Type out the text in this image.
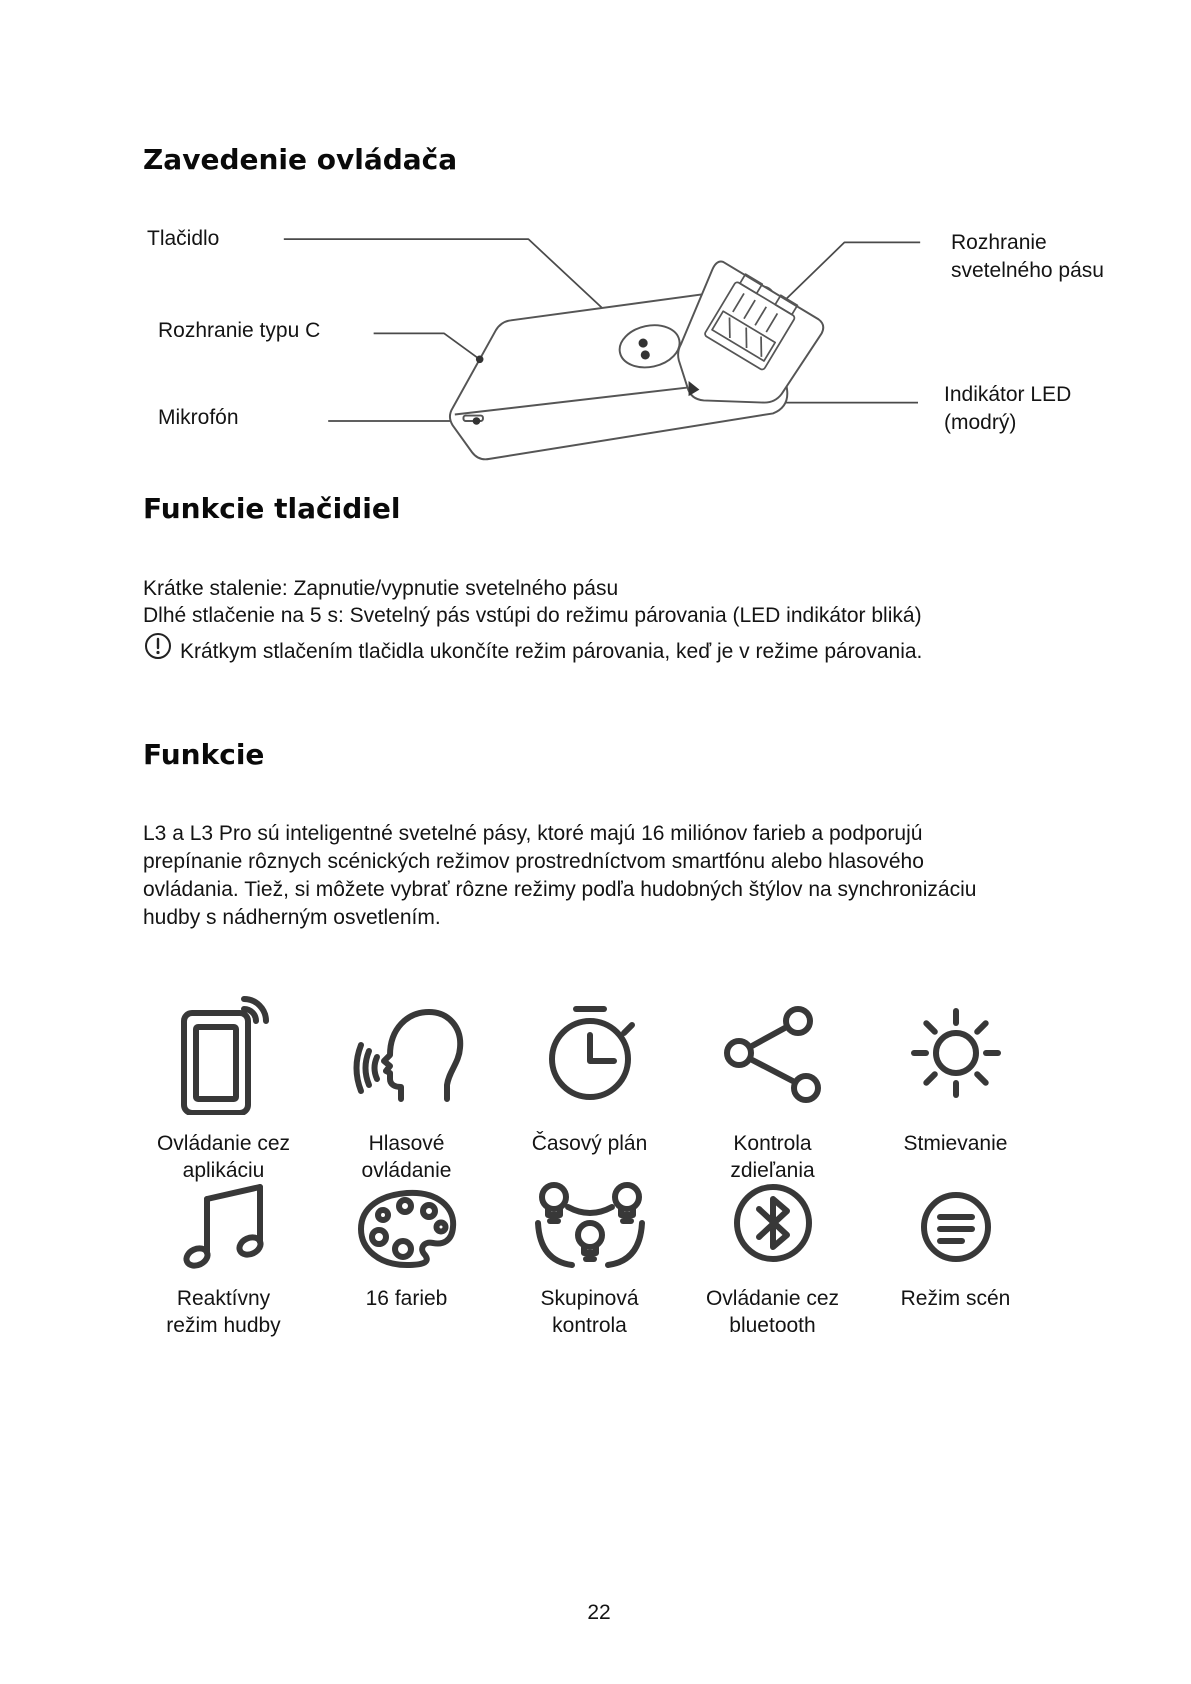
Zavedenie ovládača
Tlačidlo
Rozhranie typu C
Mikrofón
Rozhranie
svetelného pásu
Indikátor LED
(modrý)
Funkcie tlačidiel
Krátke stalenie: Zapnutie/vypnutie svetelného pásu
Dlhé stlačenie na 5 s: Svetelný pás vstúpi do režimu párovania (LED indikátor bliká)
Krátkym stlačením tlačidla ukončíte režim párovania, keď je v režime párovania.
Funkcie
L3 a L3 Pro sú inteligentné svetelné pásy, ktoré majú 16 miliónov farieb a podporujú
prepínanie rôznych scénických režimov prostredníctvom smartfónu alebo hlasového
ovládania. Tiež, si môžete vybrať rôzne režimy podľa hudobných štýlov na synchronizáciu
hudby s nádherným osvetlením.
Ovládanie cez
aplikáciu
Hlasové
ovládanie
Časový plán	Kontrola
zdieľania
Stmievanie
Reaktívny
režim hudby
16 farieb	Skupinová
kontrola
Ovládanie cez
bluetooth
Režim scén
22
